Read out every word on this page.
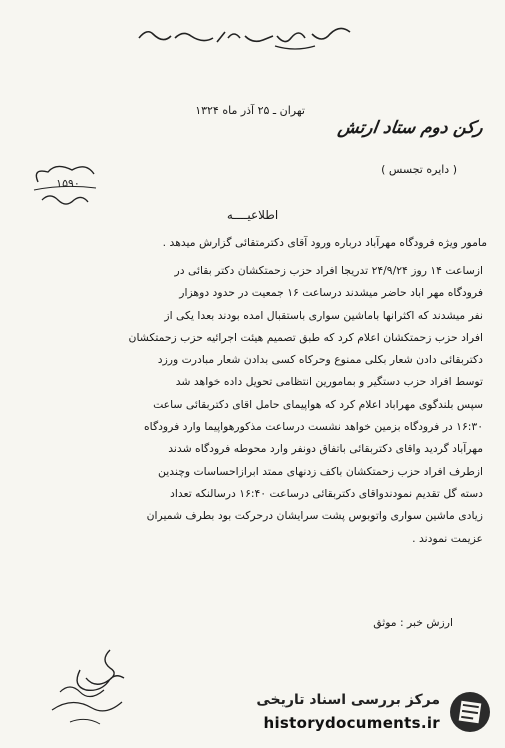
تهران ـ ۲۵ آذر ماه ۱۳۲۴
رکن دوم ستاد ارتش
( دایره تجسس )
۱۵۹۰
اطلاعیــــه
مامور ویژه فرودگاه مهرآباد درباره ورود آقای دکترمتقائی گزارش میدهد .
ازساعت ۱۴ روز ۲۴/۹/۲۴ تدریجا افراد حزب زحمتکشان دکتر بقائی در
فرودگاه مهر اباد حاضر میشدند درساعت ۱۶ جمعیت در حدود دوهزار
نفر میشدند که اکثرانها باماشین سواری باستقبال امده بودند بعدا یکی از
افراد حزب زحمتکشان اعلام کرد که طبق تصمیم هیئت اجرائیه حزب زحمتکشان
دکتربقائی دادن شعار بکلی ممنوع وحرکاه کسی بدادن شعار مبادرت ورزد
توسط افراد حزب دستگیر و بمامورین انتظامی تحویل داده خواهد شد
سپس بلندگوی مهراباد اعلام کرد که هواپیمای حامل اقای دکتربقائی ساعت
۱۶:۳۰ در فرودگاه بزمین خواهد نشست درساعت مذکورهواپیما وارد فرودگاه
مهرآباد گردید واقای دکتربقائی باتفاق دونفر وارد محوطه فرودگاه شدند
ازطرف افراد حزب زحمتکشان باکف زدنهای ممتد ابرازاحساسات وچندین
دسته گل تقدیم نمودندواقای دکتربقائی درساعت ۱۶:۴۰ درسالنکه تعداد
زیادی ماشین سواری واتوبوس پشت سرایشان درحرکت بود بطرف شمیران
عزیمت نمودند .
ارزش خبر : موثق
مرکز بررسی اسناد تاریخی
historydocuments.ir
